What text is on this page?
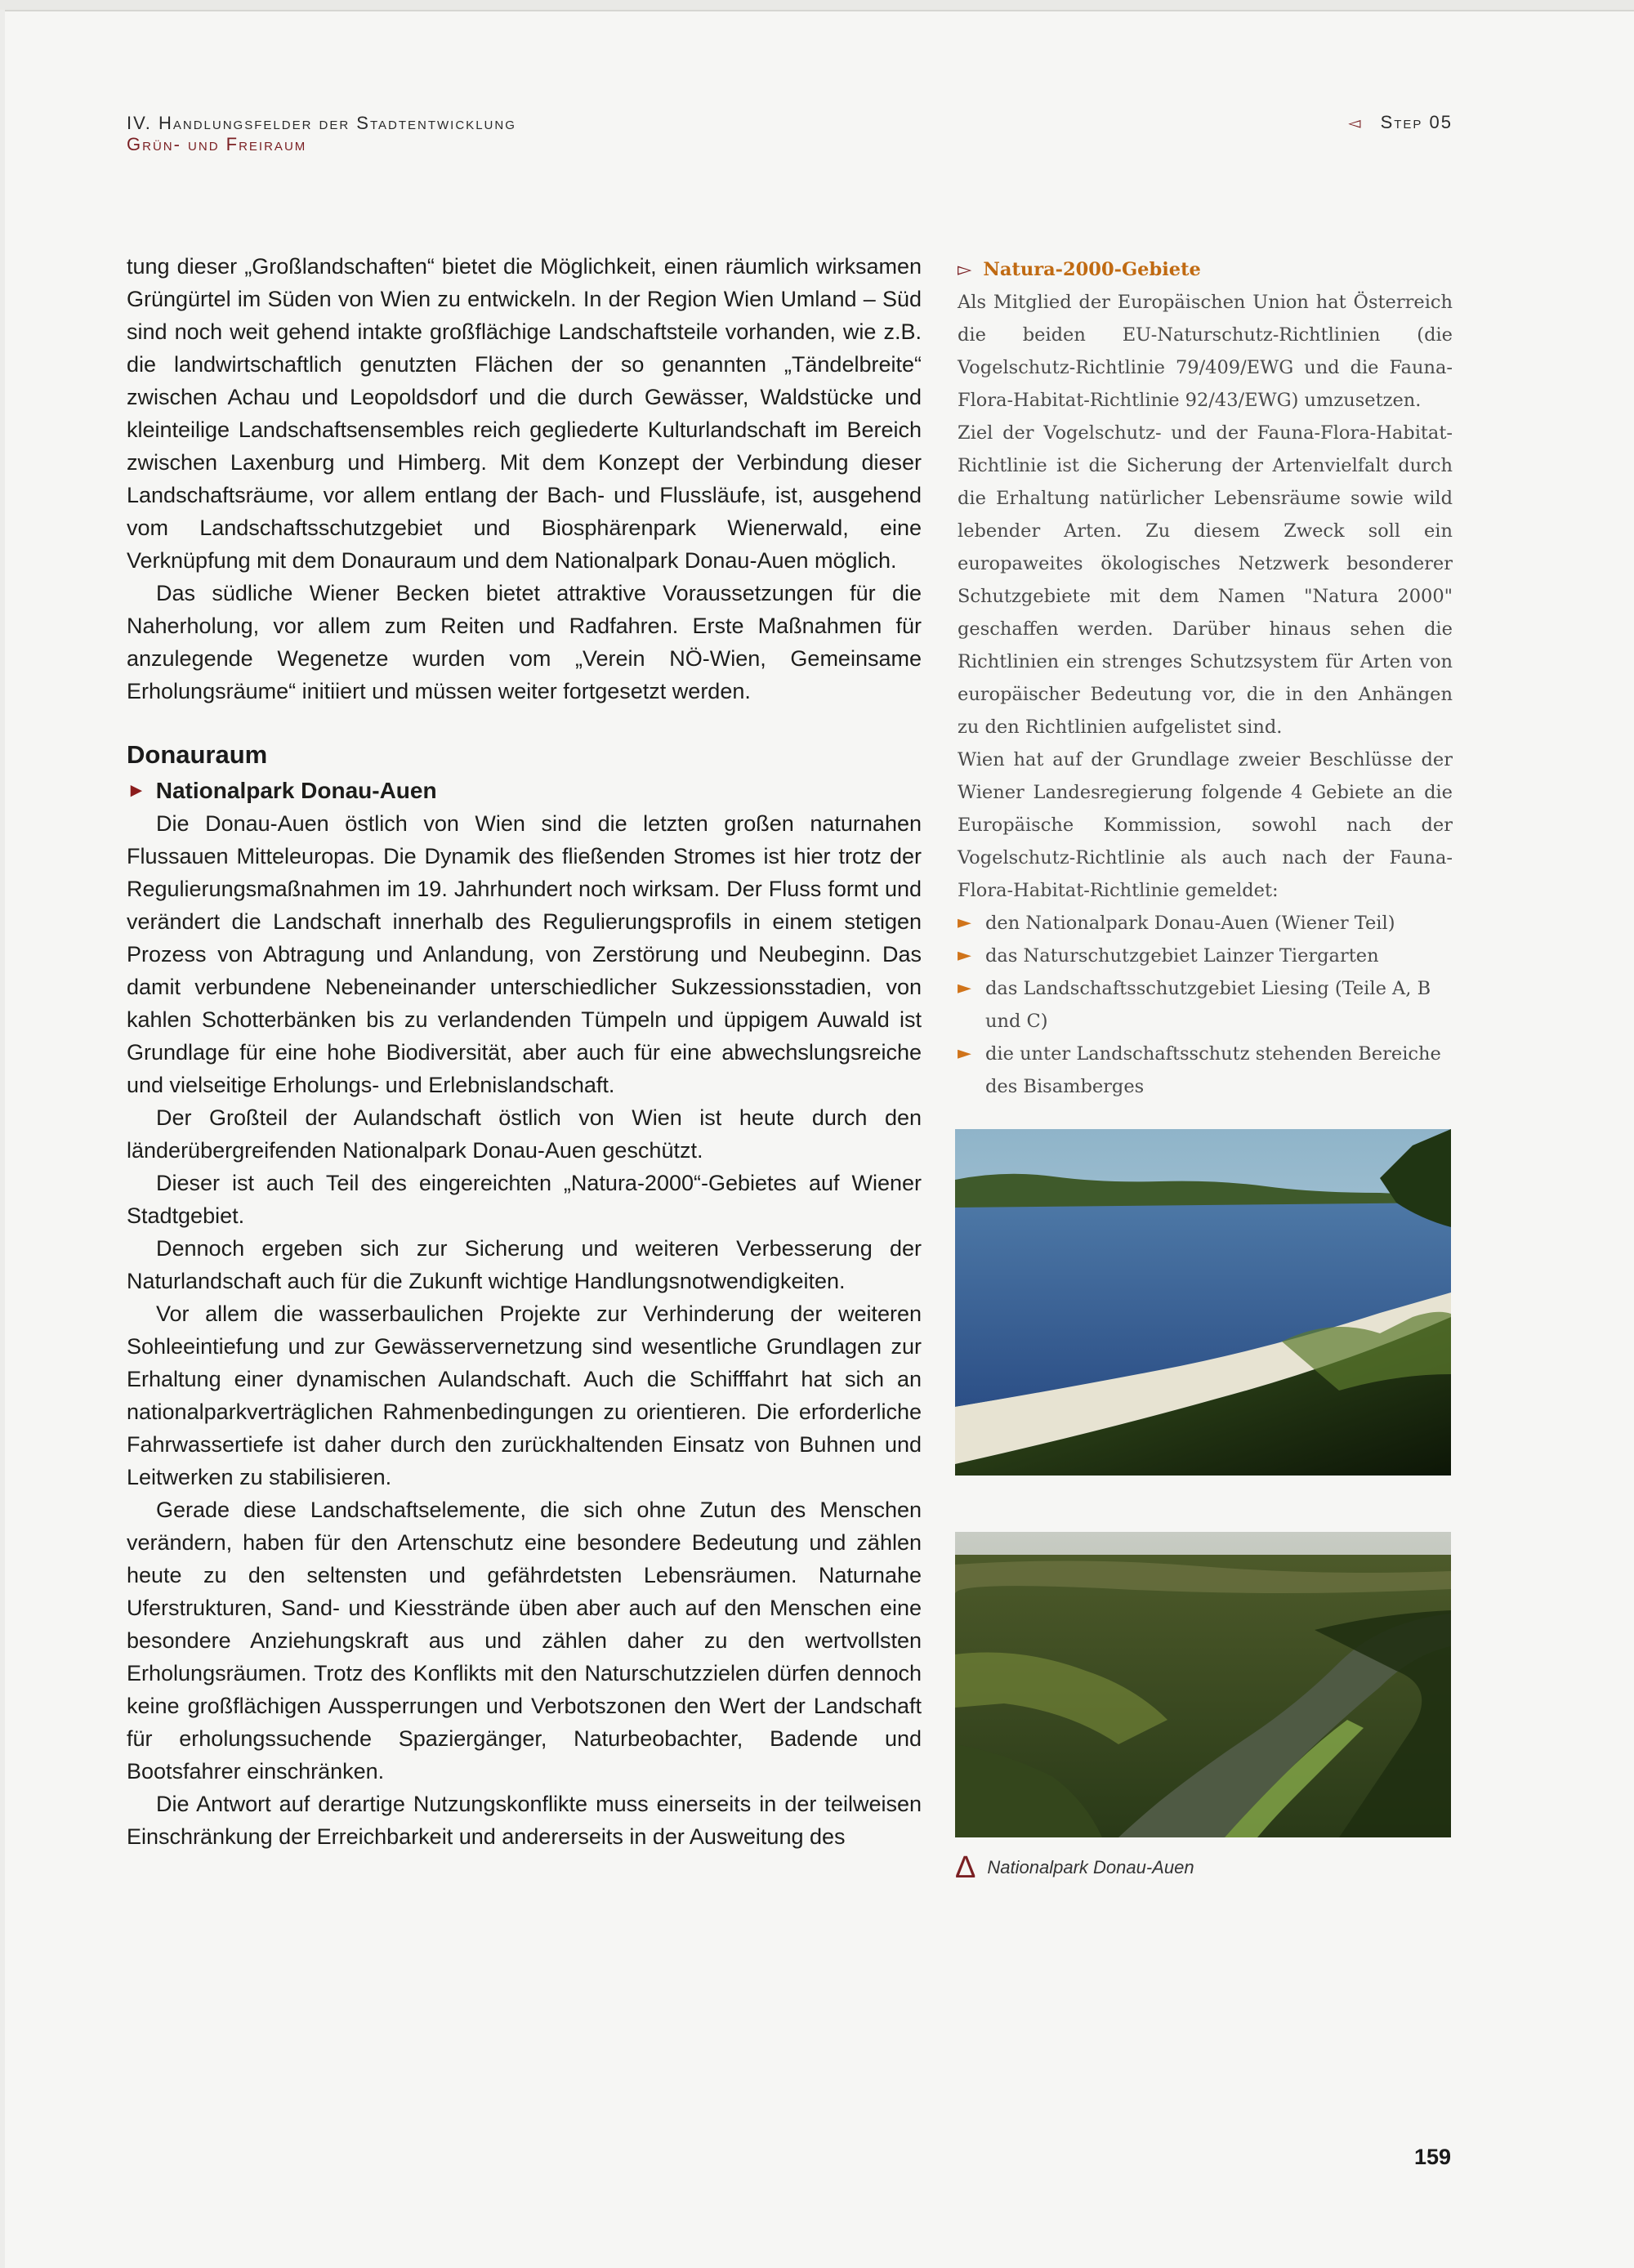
IV. Handlungsfelder der Stadtentwicklung
Grün- und Freiraum
◅ Step 05

tung dieser „Großlandschaften“ bietet die Möglichkeit, einen räumlich wirksamen Grüngürtel im Süden von Wien zu entwickeln. In der Region Wien Umland – Süd sind noch weit gehend intakte großflächige Landschaftsteile vorhanden, wie z.B. die landwirtschaftlich genutzten Flächen der so genannten „Tändelbreite“ zwischen Achau und Leopoldsdorf und die durch Gewässer, Waldstücke und kleinteilige Landschaftsensembles reich gegliederte Kulturlandschaft im Bereich zwischen Laxenburg und Himberg. Mit dem Konzept der Verbindung dieser Landschaftsräume, vor allem entlang der Bach- und Flussläufe, ist, ausgehend vom Landschaftsschutzgebiet und Biosphärenpark Wienerwald, eine Verknüpfung mit dem Donauraum und dem Nationalpark Donau-Auen möglich.

Das südliche Wiener Becken bietet attraktive Voraussetzungen für die Naherholung, vor allem zum Reiten und Radfahren. Erste Maßnahmen für anzulegende Wegenetze wurden vom „Verein NÖ-Wien, Gemeinsame Erholungsräume“ initiiert und müssen weiter fortgesetzt werden.

Donauraum
► Nationalpark Donau-Auen

Die Donau-Auen östlich von Wien sind die letzten großen naturnahen Flussauen Mitteleuropas. Die Dynamik des fließenden Stromes ist hier trotz der Regulierungsmaßnahmen im 19. Jahrhundert noch wirksam. Der Fluss formt und verändert die Landschaft innerhalb des Regulierungsprofils in einem stetigen Prozess von Abtragung und Anlandung, von Zerstörung und Neubeginn. Das damit verbundene Nebeneinander unterschiedlicher Sukzessionsstadien, von kahlen Schotterbänken bis zu verlandenden Tümpeln und üppigem Auwald ist Grundlage für eine hohe Biodiversität, aber auch für eine abwechslungsreiche und vielseitige Erholungs- und Erlebnislandschaft.

Der Großteil der Aulandschaft östlich von Wien ist heute durch den länderübergreifenden Nationalpark Donau-Auen geschützt.

Dieser ist auch Teil des eingereichten „Natura-2000“-Gebietes auf Wiener Stadtgebiet.

Dennoch ergeben sich zur Sicherung und weiteren Verbesserung der Naturlandschaft auch für die Zukunft wichtige Handlungsnotwendigkeiten.

Vor allem die wasserbaulichen Projekte zur Verhinderung der weiteren Sohleeintiefung und zur Gewässervernetzung sind wesentliche Grundlagen zur Erhaltung einer dynamischen Aulandschaft. Auch die Schifffahrt hat sich an nationalparkverträglichen Rahmenbedingungen zu orientieren. Die erforderliche Fahrwassertiefe ist daher durch den zurückhaltenden Einsatz von Buhnen und Leitwerken zu stabilisieren.

Gerade diese Landschaftselemente, die sich ohne Zutun des Menschen verändern, haben für den Artenschutz eine besondere Bedeutung und zählen heute zu den seltensten und gefährdetsten Lebensräumen. Naturnahe Uferstrukturen, Sand- und Kiesstrände üben aber auch auf den Menschen eine besondere Anziehungskraft aus und zählen daher zu den wertvollsten Erholungsräumen. Trotz des Konflikts mit den Naturschutzzielen dürfen dennoch keine großflächigen Aussperrungen und Verbotszonen den Wert der Landschaft für erholungssuchende Spaziergänger, Naturbeobachter, Badende und Bootsfahrer einschränken.

Die Antwort auf derartige Nutzungskonflikte muss einerseits in der teilweisen Einschränkung der Erreichbarkeit und andererseits in der Ausweitung des

▻ Natura-2000-Gebiete

Als Mitglied der Europäischen Union hat Österreich die beiden EU-Naturschutz-Richtlinien (die Vogelschutz-Richtlinie 79/409/EWG und die Fauna-Flora-Habitat-Richtlinie 92/43/EWG) umzusetzen.

Ziel der Vogelschutz- und der Fauna-Flora-Habitat-Richtlinie ist die Sicherung der Artenvielfalt durch die Erhaltung natürlicher Lebensräume sowie wild lebender Arten. Zu diesem Zweck soll ein europaweites ökologisches Netzwerk besonderer Schutzgebiete mit dem Namen "Natura 2000" geschaffen werden. Darüber hinaus sehen die Richtlinien ein strenges Schutzsystem für Arten von europäischer Bedeutung vor, die in den Anhängen zu den Richtlinien aufgelistet sind.

Wien hat auf der Grundlage zweier Beschlüsse der Wiener Landesregierung folgende 4 Gebiete an die Europäische Kommission, sowohl nach der Vogelschutz-Richtlinie als auch nach der Fauna-Flora-Habitat-Richtlinie gemeldet:

► den Nationalpark Donau-Auen (Wiener Teil)
► das Naturschutzgebiet Lainzer Tiergarten
► das Landschaftsschutzgebiet Liesing (Teile A, B und C)
► die unter Landschaftsschutz stehenden Bereiche des Bisamberges
Δ Nationalpark Donau-Auen
159
